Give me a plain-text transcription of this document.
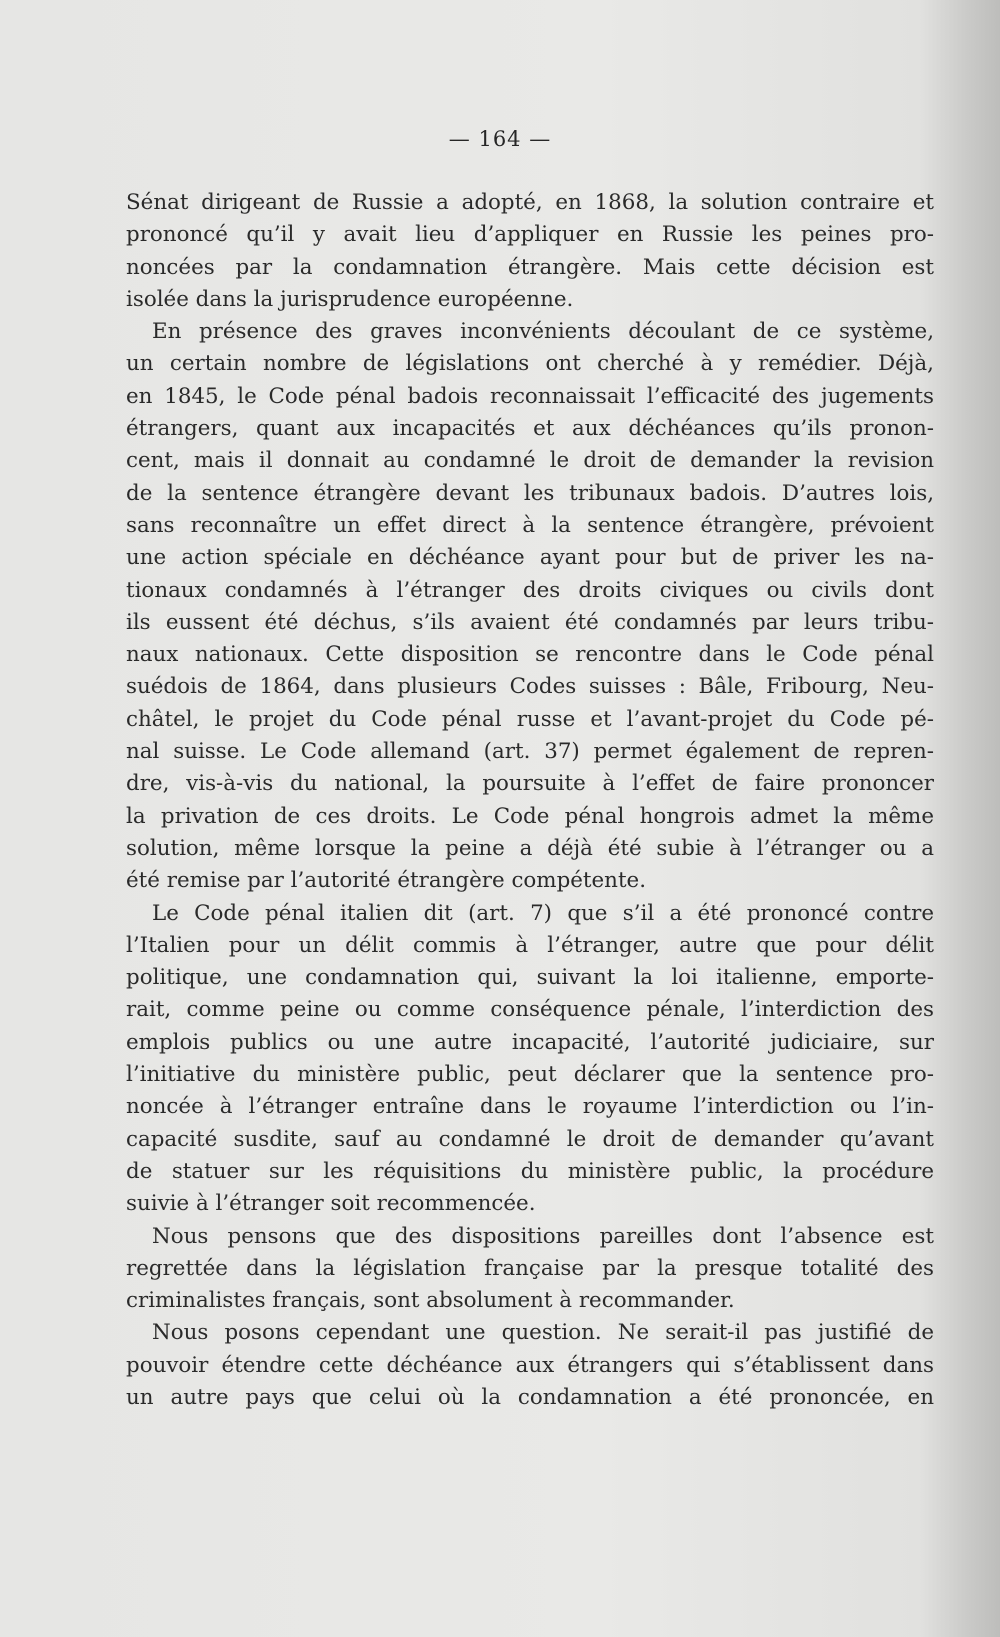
— 164 —
Sénat dirigeant de Russie a adopté, en 1868, la solution contraire et
prononcé qu’il y avait lieu d’appliquer en Russie les peines pro-
noncées par la condamnation étrangère. Mais cette décision est
isolée dans la jurisprudence européenne.
En présence des graves inconvénients découlant de ce système,
un certain nombre de législations ont cherché à y remédier. Déjà,
en 1845, le Code pénal badois reconnaissait l’efficacité des jugements
étrangers, quant aux incapacités et aux déchéances qu’ils pronon-
cent, mais il donnait au condamné le droit de demander la revision
de la sentence étrangère devant les tribunaux badois. D’autres lois,
sans reconnaître un effet direct à la sentence étrangère, prévoient
une action spéciale en déchéance ayant pour but de priver les na-
tionaux condamnés à l’étranger des droits civiques ou civils dont
ils eussent été déchus, s’ils avaient été condamnés par leurs tribu-
naux nationaux. Cette disposition se rencontre dans le Code pénal
suédois de 1864, dans plusieurs Codes suisses : Bâle, Fribourg, Neu-
châtel, le projet du Code pénal russe et l’avant-projet du Code pé-
nal suisse. Le Code allemand (art. 37) permet également de repren-
dre, vis-à-vis du national, la poursuite à l’effet de faire prononcer
la privation de ces droits. Le Code pénal hongrois admet la même
solution, même lorsque la peine a déjà été subie à l’étranger ou a
été remise par l’autorité étrangère compétente.
Le Code pénal italien dit (art. 7) que s’il a été prononcé contre
l’Italien pour un délit commis à l’étranger, autre que pour délit
politique, une condamnation qui, suivant la loi italienne, emporte-
rait, comme peine ou comme conséquence pénale, l’interdiction des
emplois publics ou une autre incapacité, l’autorité judiciaire, sur
l’initiative du ministère public, peut déclarer que la sentence pro-
noncée à l’étranger entraîne dans le royaume l’interdiction ou l’in-
capacité susdite, sauf au condamné le droit de demander qu’avant
de statuer sur les réquisitions du ministère public, la procédure
suivie à l’étranger soit recommencée.
Nous pensons que des dispositions pareilles dont l’absence est
regrettée dans la législation française par la presque totalité des
criminalistes français, sont absolument à recommander.
Nous posons cependant une question. Ne serait-il pas justifié de
pouvoir étendre cette déchéance aux étrangers qui s’établissent dans
un autre pays que celui où la condamnation a été prononcée, en
